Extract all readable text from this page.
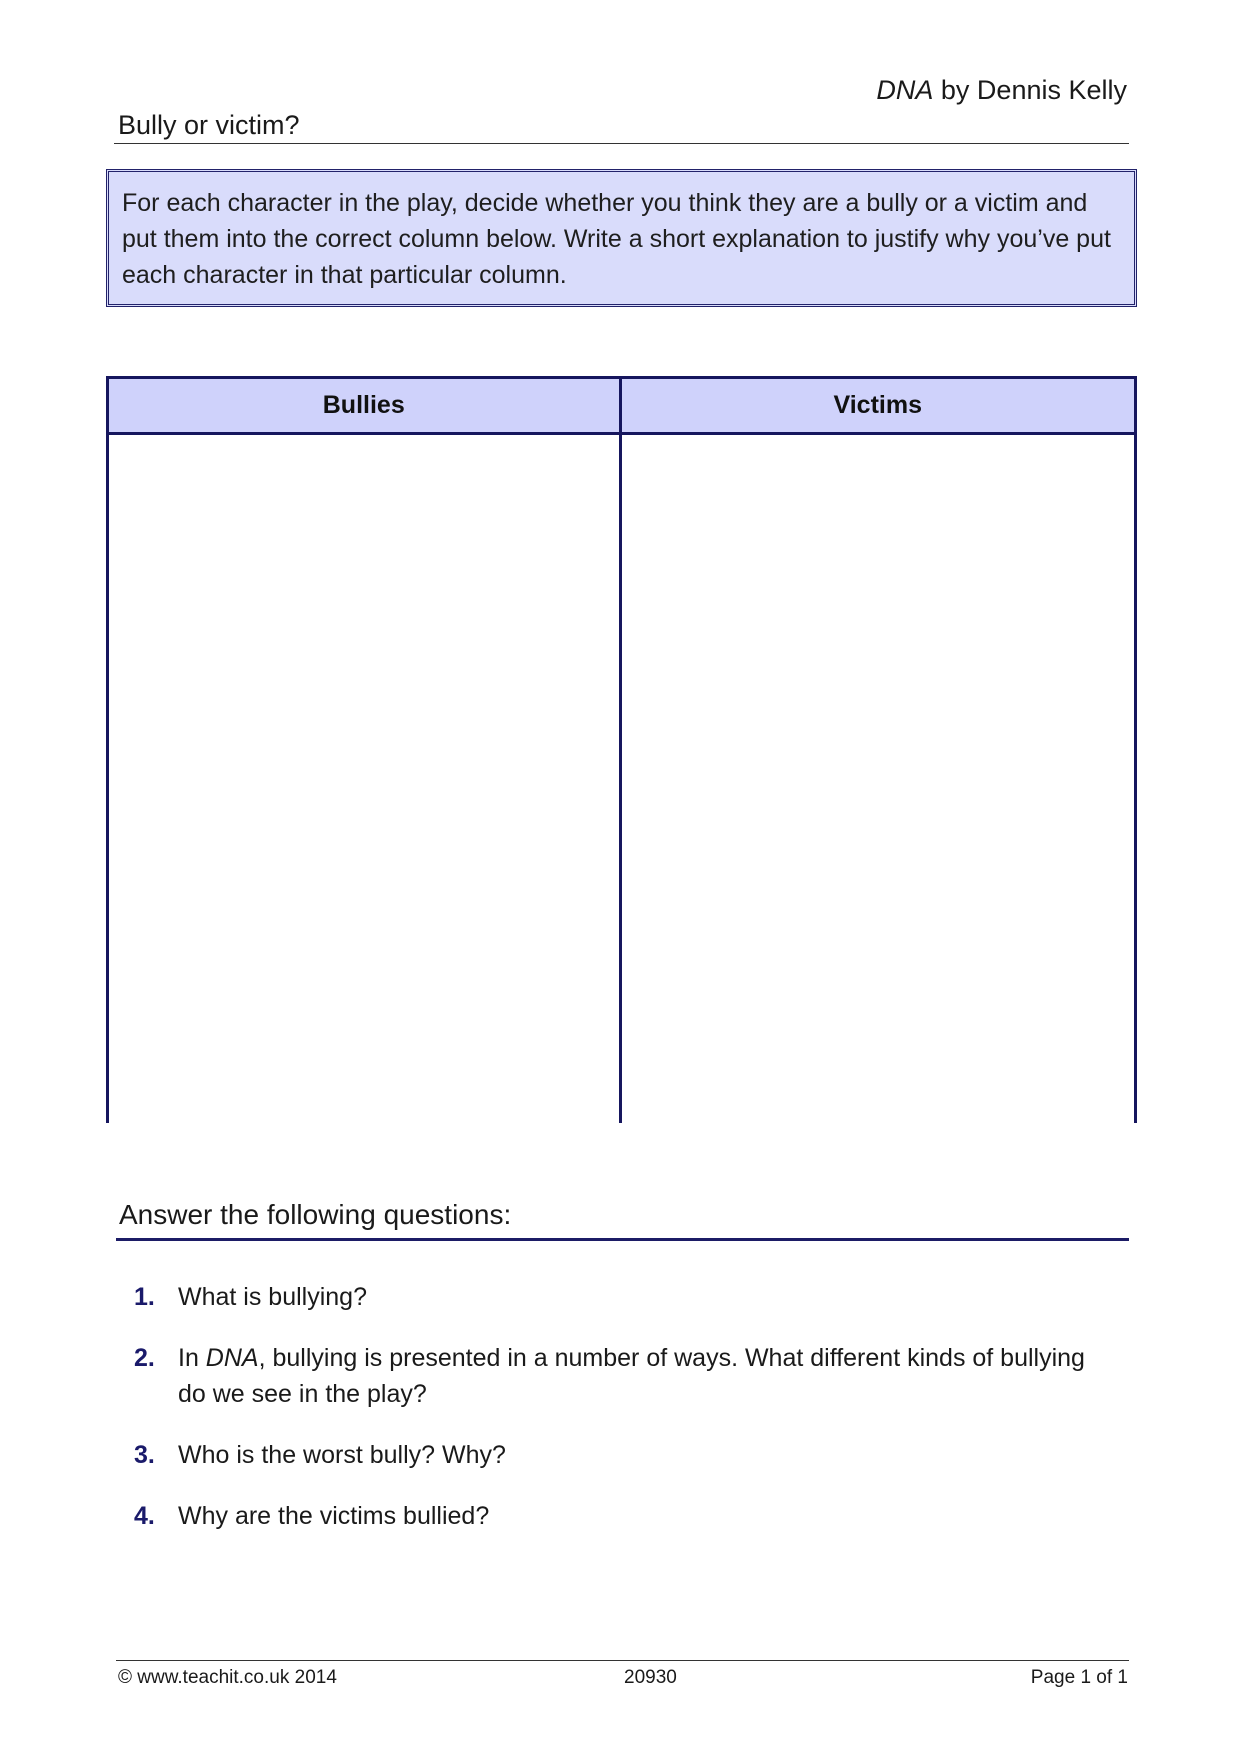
DNA by Dennis Kelly
Bully or victim?
For each character in the play, decide whether you think they are a bully or a victim and put them into the correct column below. Write a short explanation to justify why you’ve put each character in that particular column.
Bullies	Victims
Answer the following questions:
1. What is bullying?
2. In DNA, bullying is presented in a number of ways. What different kinds of bullying do we see in the play?
3. Who is the worst bully? Why?
4. Why are the victims bullied?
© www.teachit.co.uk 2014	20930	Page 1 of 1
